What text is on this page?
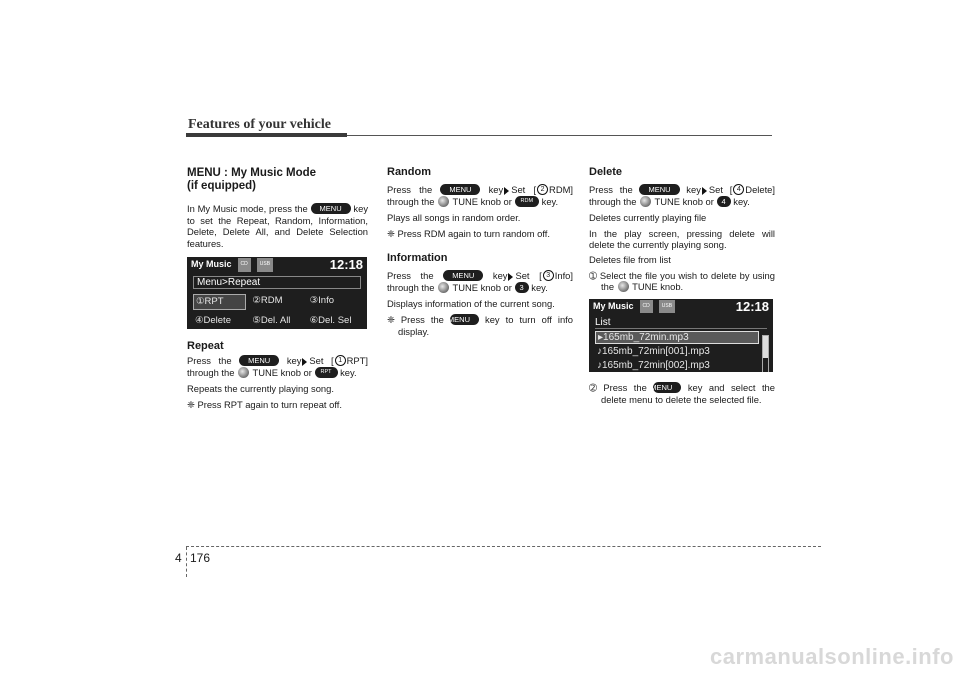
Features of your vehicle
MENU : My Music Mode
(if equipped)

In My Music mode, press the MENU key to set the Repeat, Random, Information, Delete, Delete All, and Delete Selection features.

My Music	CD	USB	12:18
Menu>Repeat
①RPT	②RDM	③Info
④Delete	⑤Del. All	⑥Del. Sel
Repeat

Press the MENU key Set [ 1 RPT] through the TUNE knob or RPT key.

Repeats the currently playing song.

❈ Press RPT again to turn repeat off.

Random

Press the MENU key Set [ 2 RDM] through the TUNE knob or RDM key.

Plays all songs in random order.

❈ Press RDM again to turn random off.

Information

Press the MENU key Set [ 3 Info] through the TUNE knob or 3 key.

Displays information of the current song.

❈ Press the MENU key to turn off info display.

Delete

Press the MENU key Set [ 4 Delete] through the TUNE knob or 4 key.

Deletes currently playing file

In the play screen, pressing delete will delete the currently playing song.

Deletes file from list

➀ Select the file you wish to delete by using the TUNE knob.

My Music	CD	USB	12:18
List
▸165mb_72min.mp3
♪165mb_72min[001].mp3
♪165mb_72min[002].mp3

➁ Press the MENU key and select the delete menu to delete the selected file.

4 176
carmanualsonline.info
